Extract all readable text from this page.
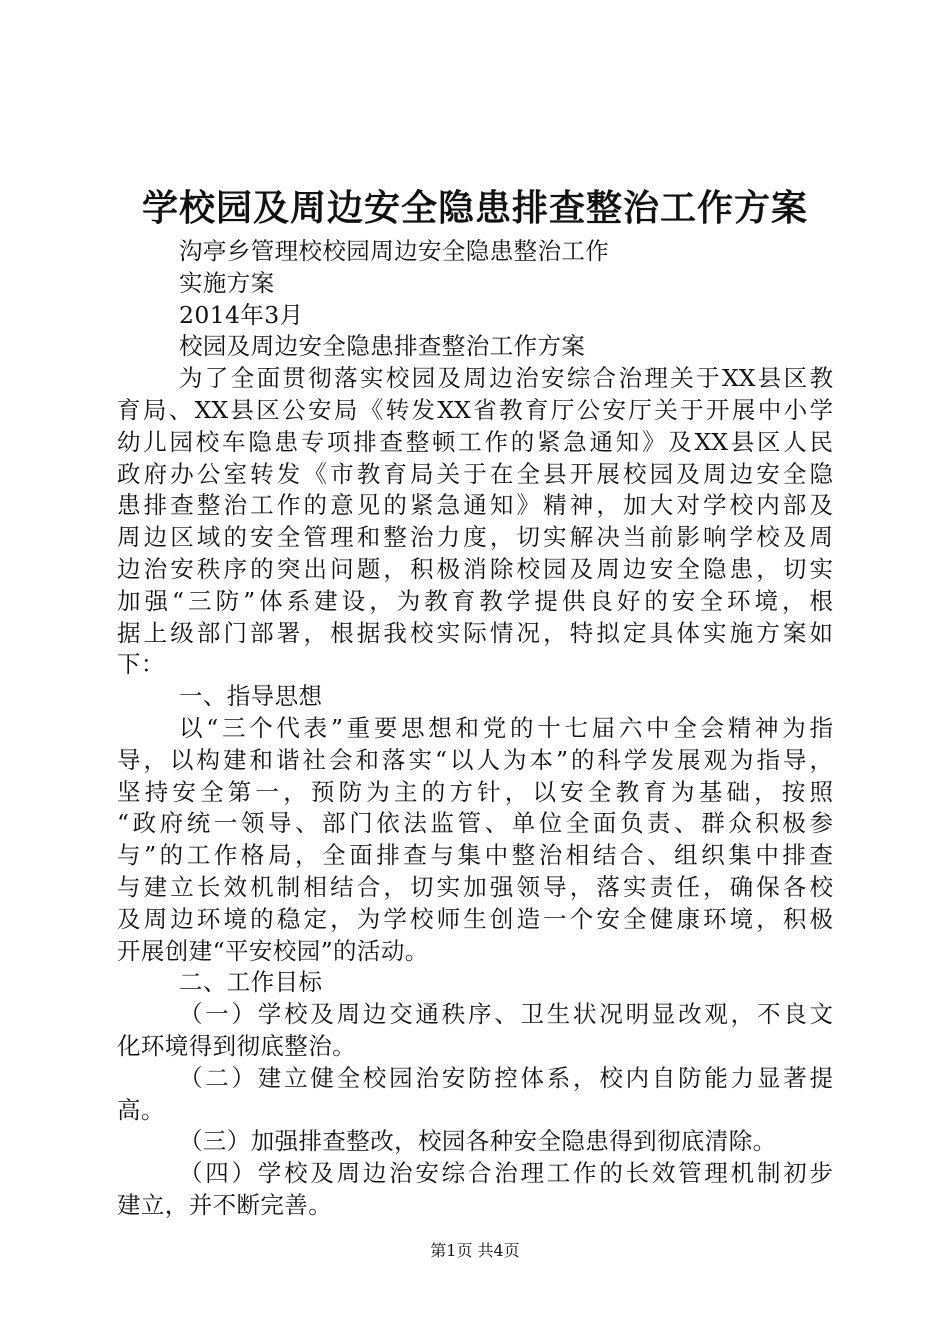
学校园及周边安全隐患排查整治工作方案
沟亭乡管理校校园周边安全隐患整治工作
实施方案
2014年3月
校园及周边安全隐患排查整治工作方案
为了全面贯彻落实校园及周边治安综合治理关于XX县区教
育局、XX县区公安局《转发XX省教育厅公安厅关于开展中小学
幼儿园校车隐患专项排查整顿工作的紧急通知》及XX县区人民
政府办公室转发《市教育局关于在全县开展校园及周边安全隐
患排查整治工作的意见的紧急通知》精神，加大对学校内部及
周边区域的安全管理和整治力度，切实解决当前影响学校及周
边治安秩序的突出问题，积极消除校园及周边安全隐患，切实
加强“三防”体系建设，为教育教学提供良好的安全环境，根
据上级部门部署，根据我校实际情况，特拟定具体实施方案如
下：
一、指导思想
以“三个代表”重要思想和党的十七届六中全会精神为指
导，以构建和谐社会和落实“以人为本”的科学发展观为指导，
坚持安全第一，预防为主的方针，以安全教育为基础，按照
“政府统一领导、部门依法监管、单位全面负责、群众积极参
与”的工作格局，全面排查与集中整治相结合、组织集中排查
与建立长效机制相结合，切实加强领导，落实责任，确保各校
及周边环境的稳定，为学校师生创造一个安全健康环境，积极
开展创建“平安校园”的活动。
二、工作目标
（一）学校及周边交通秩序、卫生状况明显改观，不良文
化环境得到彻底整治。
（二）建立健全校园治安防控体系，校内自防能力显著提
高。
（三）加强排查整改，校园各种安全隐患得到彻底清除。
（四）学校及周边治安综合治理工作的长效管理机制初步
建立，并不断完善。
第1页 共4页
